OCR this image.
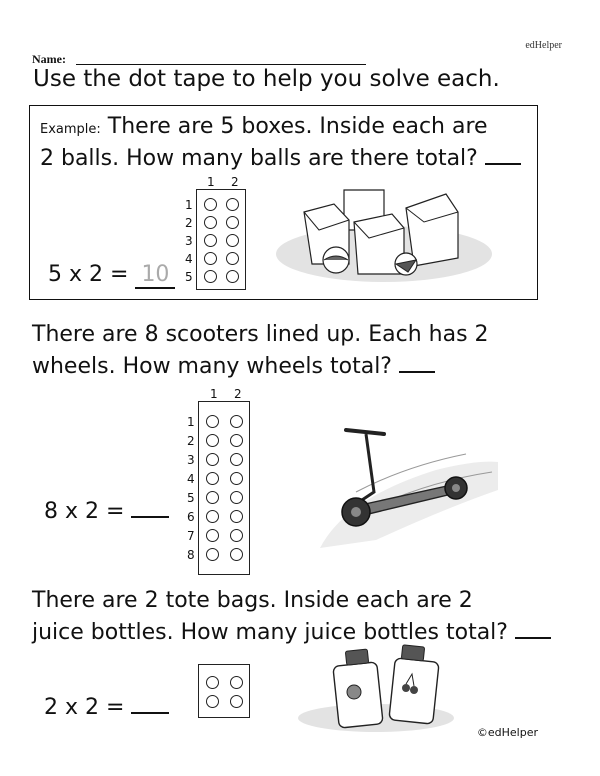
edHelper
Name:
Use the dot tape to help you solve each.
Example: There are 5 boxes. Inside each are
2 balls. How many balls are there total?
5 x 2 = 10
1 2
1
2
3
4
5
There are 8 scooters lined up. Each has 2
wheels. How many wheels total?
8 x 2 =
1 2
1
2
3
4
5
6
7
8
There are 2 tote bags. Inside each are 2
juice bottles. How many juice bottles total?
2 x 2 =
©edHelper
